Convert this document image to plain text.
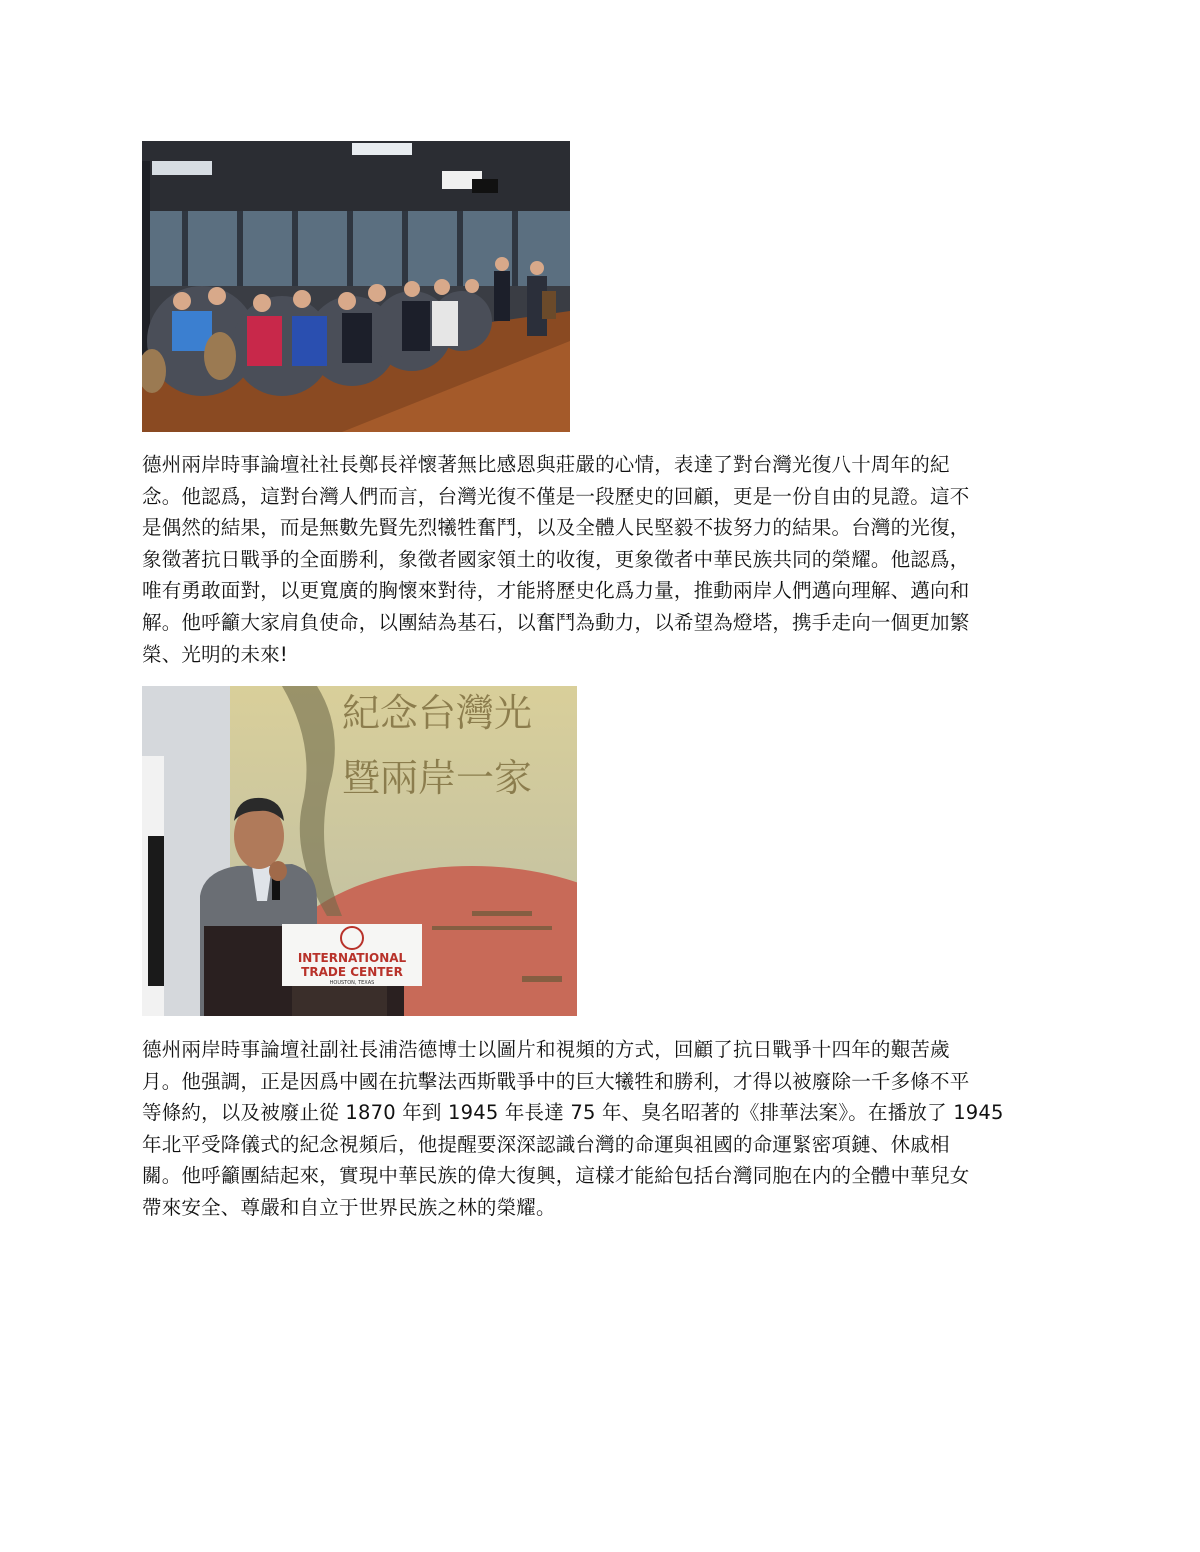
德州兩岸時事論壇社社長鄭長祥懷著無比感恩與莊嚴的心情，表達了對台灣光復八十周年的紀
念。他認爲，這對台灣人們而言，台灣光復不僅是一段歷史的回顧，更是一份自由的見證。這不
是偶然的結果，而是無數先賢先烈犧牲奮鬥，以及全體人民堅毅不拔努力的結果。台灣的光復，
象徵著抗日戰爭的全面勝利，象徵者國家領土的收復，更象徵者中華民族共同的榮耀。他認爲，
唯有勇敢面對，以更寬廣的胸懷來對待，才能將歷史化爲力量，推動兩岸人們邁向理解、邁向和
解。他呼籲大家肩負使命，以團結為基石，以奮鬥為動力，以希望為燈塔，携手走向一個更加繁
榮、光明的未來!

紀念台灣光
暨兩岸一家
INTERNATIONAL
TRADE CENTER
HOUSTON, TEXAS

德州兩岸時事論壇社副社長浦浩德博士以圖片和視頻的方式，回顧了抗日戰爭十四年的艱苦歲
月。他强調，正是因爲中國在抗擊法西斯戰爭中的巨大犧牲和勝利，才得以被廢除一千多條不平
等條約，以及被廢止從 1870 年到 1945 年長達 75 年、臭名昭著的《排華法案》。在播放了 1945
年北平受降儀式的紀念視頻后，他提醒要深深認識台灣的命運與祖國的命運緊密項鏈、休戚相
關。他呼籲團結起來，實現中華民族的偉大復興，這樣才能給包括台灣同胞在内的全體中華兒女
帶來安全、尊嚴和自立于世界民族之林的榮耀。
